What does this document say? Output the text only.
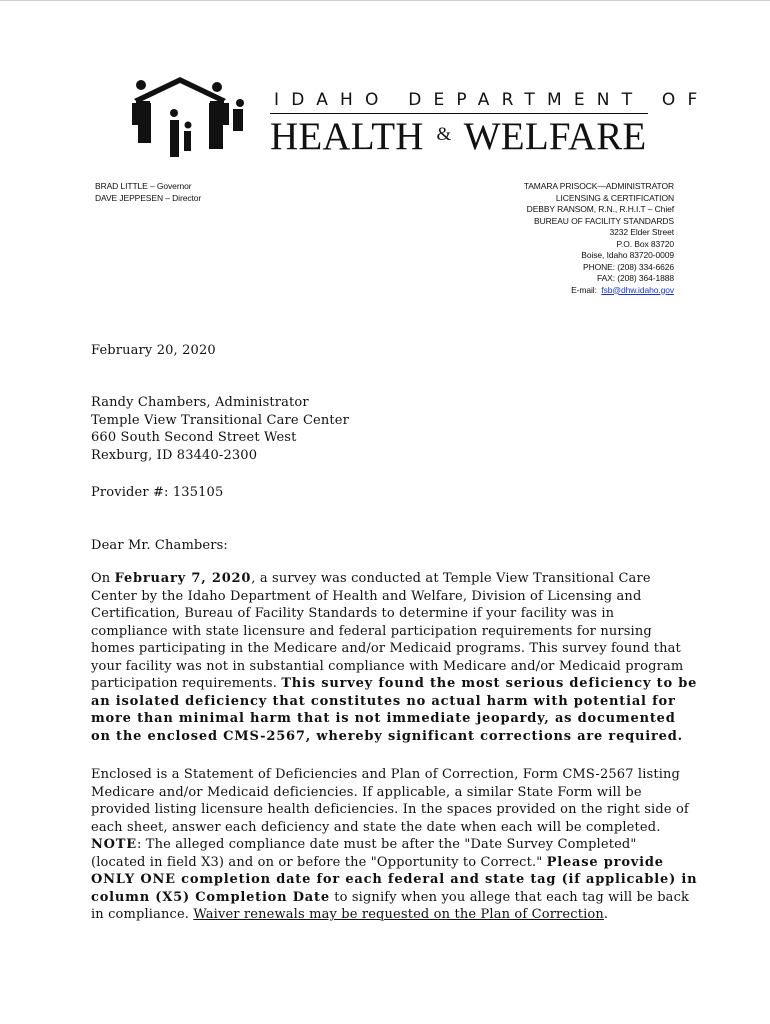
IDAHO DEPARTMENT OF
HEALTH & WELFARE
BRAD LITTLE – Governor
DAVE JEPPESEN – Director
TAMARA PRISOCK—ADMINISTRATOR
LICENSING & CERTIFICATION
DEBBY RANSOM, R.N., R.H.I.T – Chief
BUREAU OF FACILITY STANDARDS
3232 Elder Street
P.O. Box 83720
Boise, Idaho 83720-0009
PHONE: (208) 334-6626
FAX: (208) 364-1888
E-mail: fsb@dhw.idaho.gov
February 20, 2020
Randy Chambers, Administrator
Temple View Transitional Care Center
660 South Second Street West
Rexburg, ID 83440-2300
Provider #: 135105
Dear Mr. Chambers:
On February 7, 2020, a survey was conducted at Temple View Transitional Care
Center by the Idaho Department of Health and Welfare, Division of Licensing and
Certification, Bureau of Facility Standards to determine if your facility was in
compliance with state licensure and federal participation requirements for nursing
homes participating in the Medicare and/or Medicaid programs. This survey found that
your facility was not in substantial compliance with Medicare and/or Medicaid program
participation requirements. This survey found the most serious deficiency to be
an isolated deficiency that constitutes no actual harm with potential for
more than minimal harm that is not immediate jeopardy, as documented
on the enclosed CMS-2567, whereby significant corrections are required.
Enclosed is a Statement of Deficiencies and Plan of Correction, Form CMS-2567 listing
Medicare and/or Medicaid deficiencies. If applicable, a similar State Form will be
provided listing licensure health deficiencies. In the spaces provided on the right side of
each sheet, answer each deficiency and state the date when each will be completed.
NOTE: The alleged compliance date must be after the "Date Survey Completed"
(located in field X3) and on or before the "Opportunity to Correct." Please provide
ONLY ONE completion date for each federal and state tag (if applicable) in
column (X5) Completion Date to signify when you allege that each tag will be back
in compliance. Waiver renewals may be requested on the Plan of Correction.
